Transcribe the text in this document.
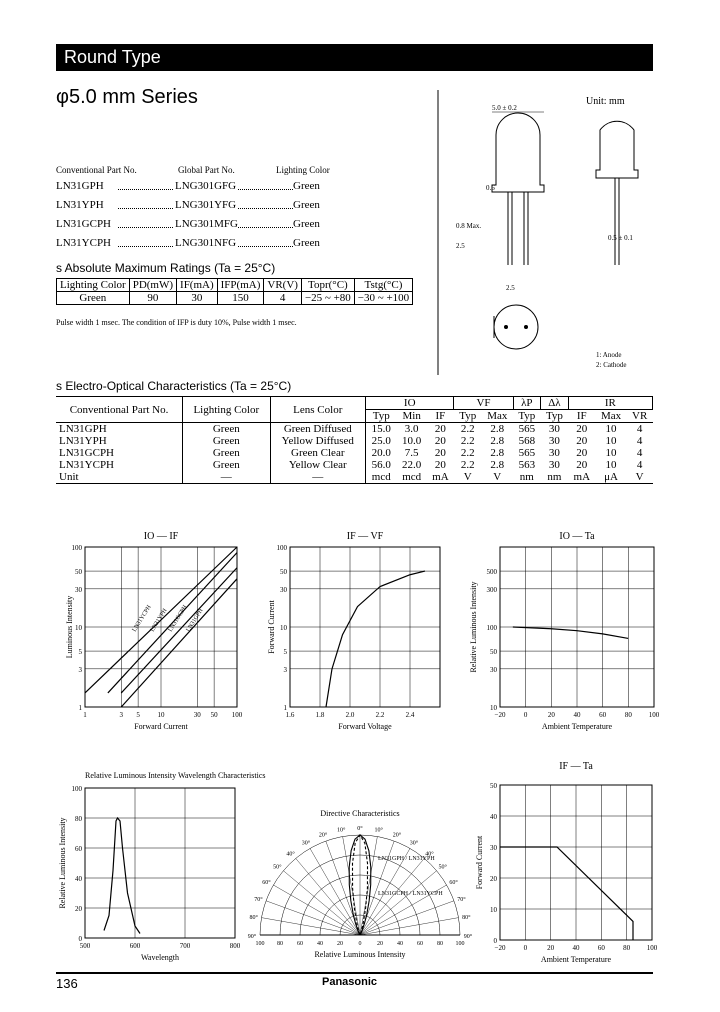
Round Type
φ5.0 mm Series
Conventional Part No.	Global Part No.	Lighting Color
LN31GPH	LNG301GFG	Green
LN31YPH	LNG301YFG	Green
LN31GCPH	LNG301MFG	Green
LN31YCPH	LNG301NFG	Green
s Absolute Maximum Ratings (Ta = 25°C)
Lighting Color	PD(mW)	IF(mA)	IFP(mA)	VR(V)	Topr(°C)	Tstg(°C)
Green	90	30	150	4	−25 ~ +80	−30 ~ +100
Pulse width 1 msec. The condition of IFP is duty 10%, Pulse width 1 msec.
Unit: mm
5.0 ± 0.2
0.6
0.8 Max.
2.5
2.5
0.5 ± 0.1
1: Anode
2: Cathode
s Electro-Optical Characteristics (Ta = 25°C)
Conventional Part No.	Lighting Color	Lens Color	IO			VF		λP	Δλ	IR		
			Typ	Min	IF	Typ	Max	Typ	Typ	IF	Max	VR
LN31GPH	Green	Green Diffused	15.0	3.0	20	2.2	2.8	565	30	20	10	4
LN31YPH	Green	Yellow Diffused	25.0	10.0	20	2.2	2.8	568	30	20	10	4
LN31GCPH	Green	Green Clear	20.0	7.5	20	2.2	2.8	565	30	20	10	4
LN31YCPH	Green	Yellow Clear	56.0	22.0	20	2.2	2.8	563	30	20	10	4
Unit	—	—	mcd	mcd	mA	V	V	nm	nm	mA	μA	V
IO — IF
1	3 5	10	30 50 100
1
3
5
10
30
50
100
Forward Current
Luminous Intensity	LN31YCPH
LN31YPH LN31GCPH
LN31GPH
IF — VF
1.6	1.8	2.0	2.2	2.4
1
3
5
10
30
50
100
Forward Voltage
Forward Current
IO — Ta
−20	0	20	40	60	80 100
10
30
50
100
300
500
Ambient Temperature
Relative Luminous Intensity
Relative Luminous Intensity Wavelength Characteristics
500	600	700	800
0
20
40
60
80
100
Wavelength
Relative Luminous Intensity
Directive Characteristics
0° 10°
10°
20°
20°
30°
30°
40°
40°
50°
50°
60°
60°
70°
70°
80°
80°
90°
90°
100 80 60 40 20	0	20 40 60 80 100
Relative Luminous Intensity
LN31GPH / LN31YPH
LN31GCPH / LN31YCPH
IF — Ta
−20	0	20	40	60	80 100
0
10
20
30
40
50
Ambient Temperature
Forward Current
136	Panasonic
